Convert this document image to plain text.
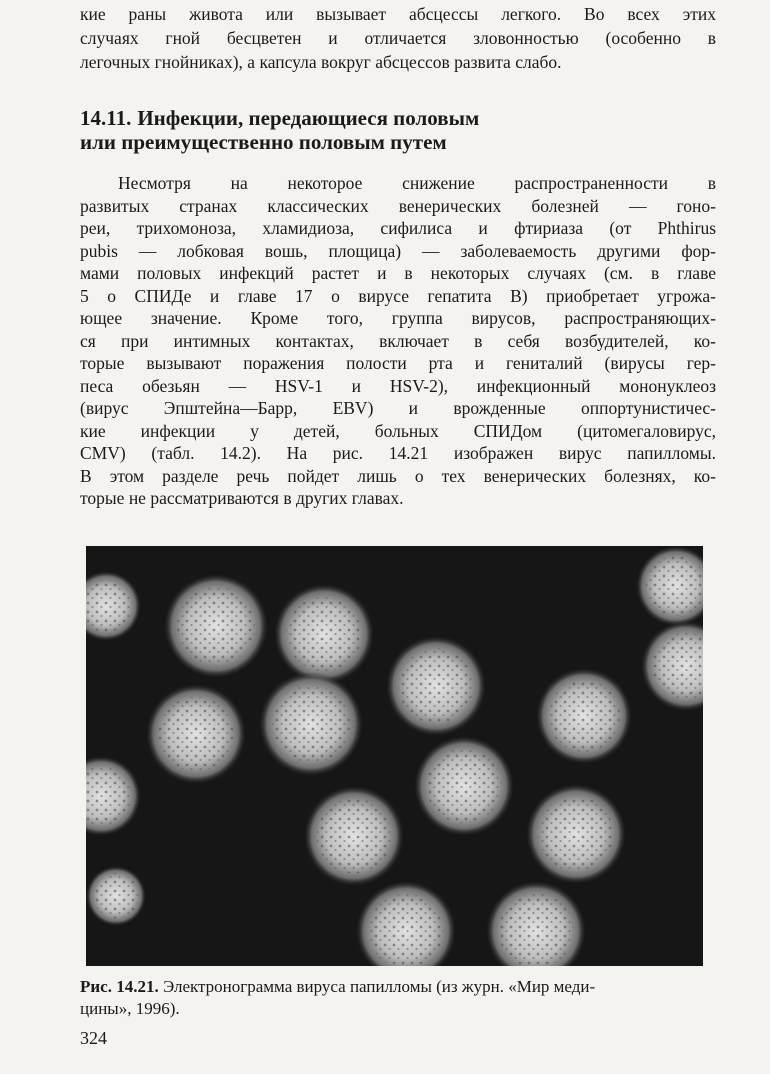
кие раны живота или вызывает абсцессы легкого. Во всех этих
случаях гной бесцветен и отличается зловонностью (особенно в
легочных гнойниках), а капсула вокруг абсцессов развита слабо.
14.11. Инфекции, передающиеся половым
или преимущественно половым путем
Несмотря на некоторое снижение распространенности в
развитых странах классических венерических болезней — гоно-
реи, трихомоноза, хламидиоза, сифилиса и фтириаза (от Phthirus
pubis — лобковая вошь, площица) — заболеваемость другими фор-
мами половых инфекций растет и в некоторых случаях (см. в главе
5 о СПИДе и главе 17 о вирусе гепатита В) приобретает угрожа-
ющее значение. Кроме того, группа вирусов, распространяющих-
ся при интимных контактах, включает в себя возбудителей, ко-
торые вызывают поражения полости рта и гениталий (вирусы гер-
песа обезьян — HSV-1 и HSV-2), инфекционный мононуклеоз
(вирус Эпштейна—Барр, EBV) и врожденные оппортунистичес-
кие инфекции у детей, больных СПИДом (цитомегаловирус,
CMV) (табл. 14.2). На рис. 14.21 изображен вирус папилломы.
В этом разделе речь пойдет лишь о тех венерических болезнях, ко-
торые не рассматриваются в других главах.
Рис. 14.21. Электронограмма вируса папилломы (из журн. «Мир меди-
цины», 1996).
324
